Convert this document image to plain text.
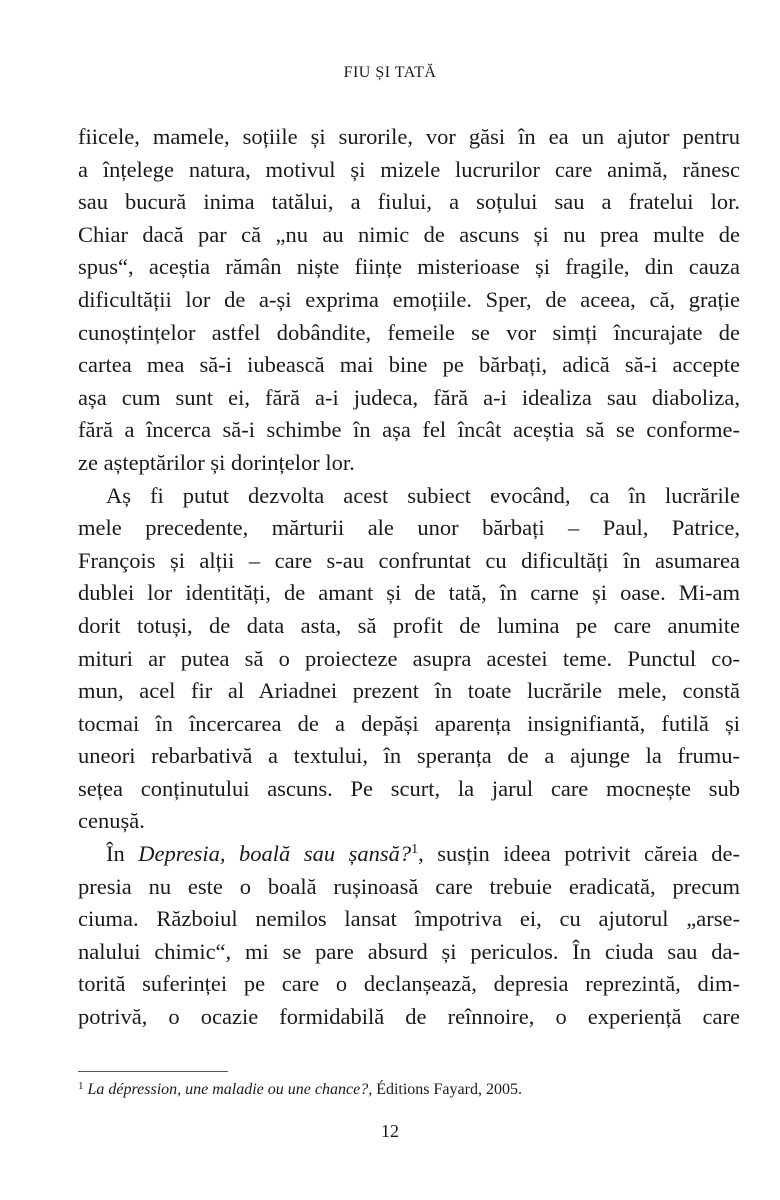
FIU ȘI TATĂ
fiicele, mamele, soțiile și surorile, vor găsi în ea un ajutor pentru
a înțelege natura, motivul și mizele lucrurilor care animă, rănesc
sau bucură inima tatălui, a fiului, a soțului sau a fratelui lor.
Chiar dacă par că „nu au nimic de ascuns și nu prea multe de
spus“, aceștia rămân niște ființe misterioase și fragile, din cauza
dificultății lor de a-și exprima emoțiile. Sper, de aceea, că, grație
cunoștințelor astfel dobândite, femeile se vor simți încurajate de
cartea mea să-i iubească mai bine pe bărbați, adică să-i accepte
așa cum sunt ei, fără a-i judeca, fără a-i idealiza sau diaboliza,
fără a încerca să-i schimbe în așa fel încât aceștia să se conforme-
ze așteptărilor și dorințelor lor.
Aș fi putut dezvolta acest subiect evocând, ca în lucrările
mele precedente, mărturii ale unor bărbați – Paul, Patrice,
François și alții – care s-au confruntat cu dificultăți în asumarea
dublei lor identități, de amant și de tată, în carne și oase. Mi-am
dorit totuși, de data asta, să profit de lumina pe care anumite
mituri ar putea să o proiecteze asupra acestei teme. Punctul co-
mun, acel fir al Ariadnei prezent în toate lucrările mele, constă
tocmai în încercarea de a depăși aparența insignifiantă, futilă și
uneori rebarbativă a textului, în speranța de a ajunge la frumu-
sețea conținutului ascuns. Pe scurt, la jarul care mocnește sub
cenușă.
În Depresia, boală sau șansă?$^1$, susțin ideea potrivit căreia de-
presia nu este o boală rușinoasă care trebuie eradicată, precum
ciuma. Războiul nemilos lansat împotriva ei, cu ajutorul „arse-
nalului chimic“, mi se pare absurd și periculos. În ciuda sau da-
torită suferinței pe care o declanșează, depresia reprezintă, dim-
potrivă, o ocazie formidabilă de reînnoire, o experiență care
$^1$ La dépression, une maladie ou une chance?, Éditions Fayard, 2005.
12
